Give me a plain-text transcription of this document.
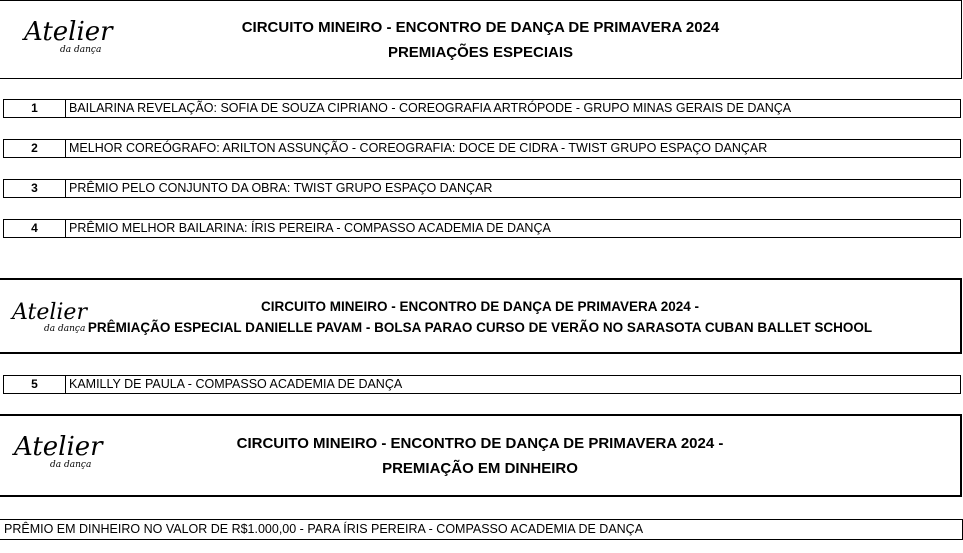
Atelier
da dança
CIRCUITO MINEIRO - ENCONTRO DE DANÇA DE PRIMAVERA 2024
PREMIAÇÕES ESPECIAIS
1	BAILARINA REVELAÇÃO: SOFIA DE SOUZA CIPRIANO - COREOGRAFIA ARTRÓPODE - GRUPO MINAS GERAIS DE DANÇA
2	MELHOR COREÓGRAFO: ARILTON ASSUNÇÃO - COREOGRAFIA: DOCE DE CIDRA - TWIST GRUPO ESPAÇO DANÇAR
3	PRÊMIO PELO CONJUNTO DA OBRA: TWIST GRUPO ESPAÇO DANÇAR
4	PRÊMIO MELHOR BAILARINA: ÍRIS PEREIRA - COMPASSO ACADEMIA DE DANÇA
Atelier
da dança
CIRCUITO MINEIRO - ENCONTRO DE DANÇA DE PRIMAVERA 2024 -
PRÊMIAÇÃO ESPECIAL DANIELLE PAVAM - BOLSA PARAO CURSO DE VERÃO NO SARASOTA CUBAN BALLET SCHOOL
5	KAMILLY DE PAULA - COMPASSO ACADEMIA DE DANÇA
Atelier
da dança
CIRCUITO MINEIRO - ENCONTRO DE DANÇA DE PRIMAVERA 2024 -
PREMIAÇÃO EM DINHEIRO
PRÊMIO EM DINHEIRO NO VALOR DE R$1.000,00 - PARA ÍRIS PEREIRA - COMPASSO ACADEMIA DE DANÇA
